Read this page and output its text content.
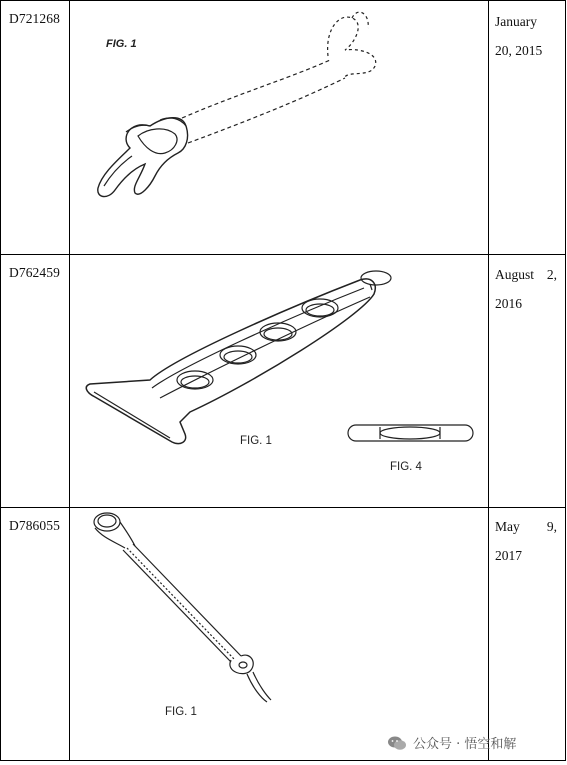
D721268	January
20, 2015
FIG. 1
D762459	August 2,
2016
FIG. 1
FIG. 4
D786055	May 9,
2017
FIG. 1
公众号 · 悟空和解
